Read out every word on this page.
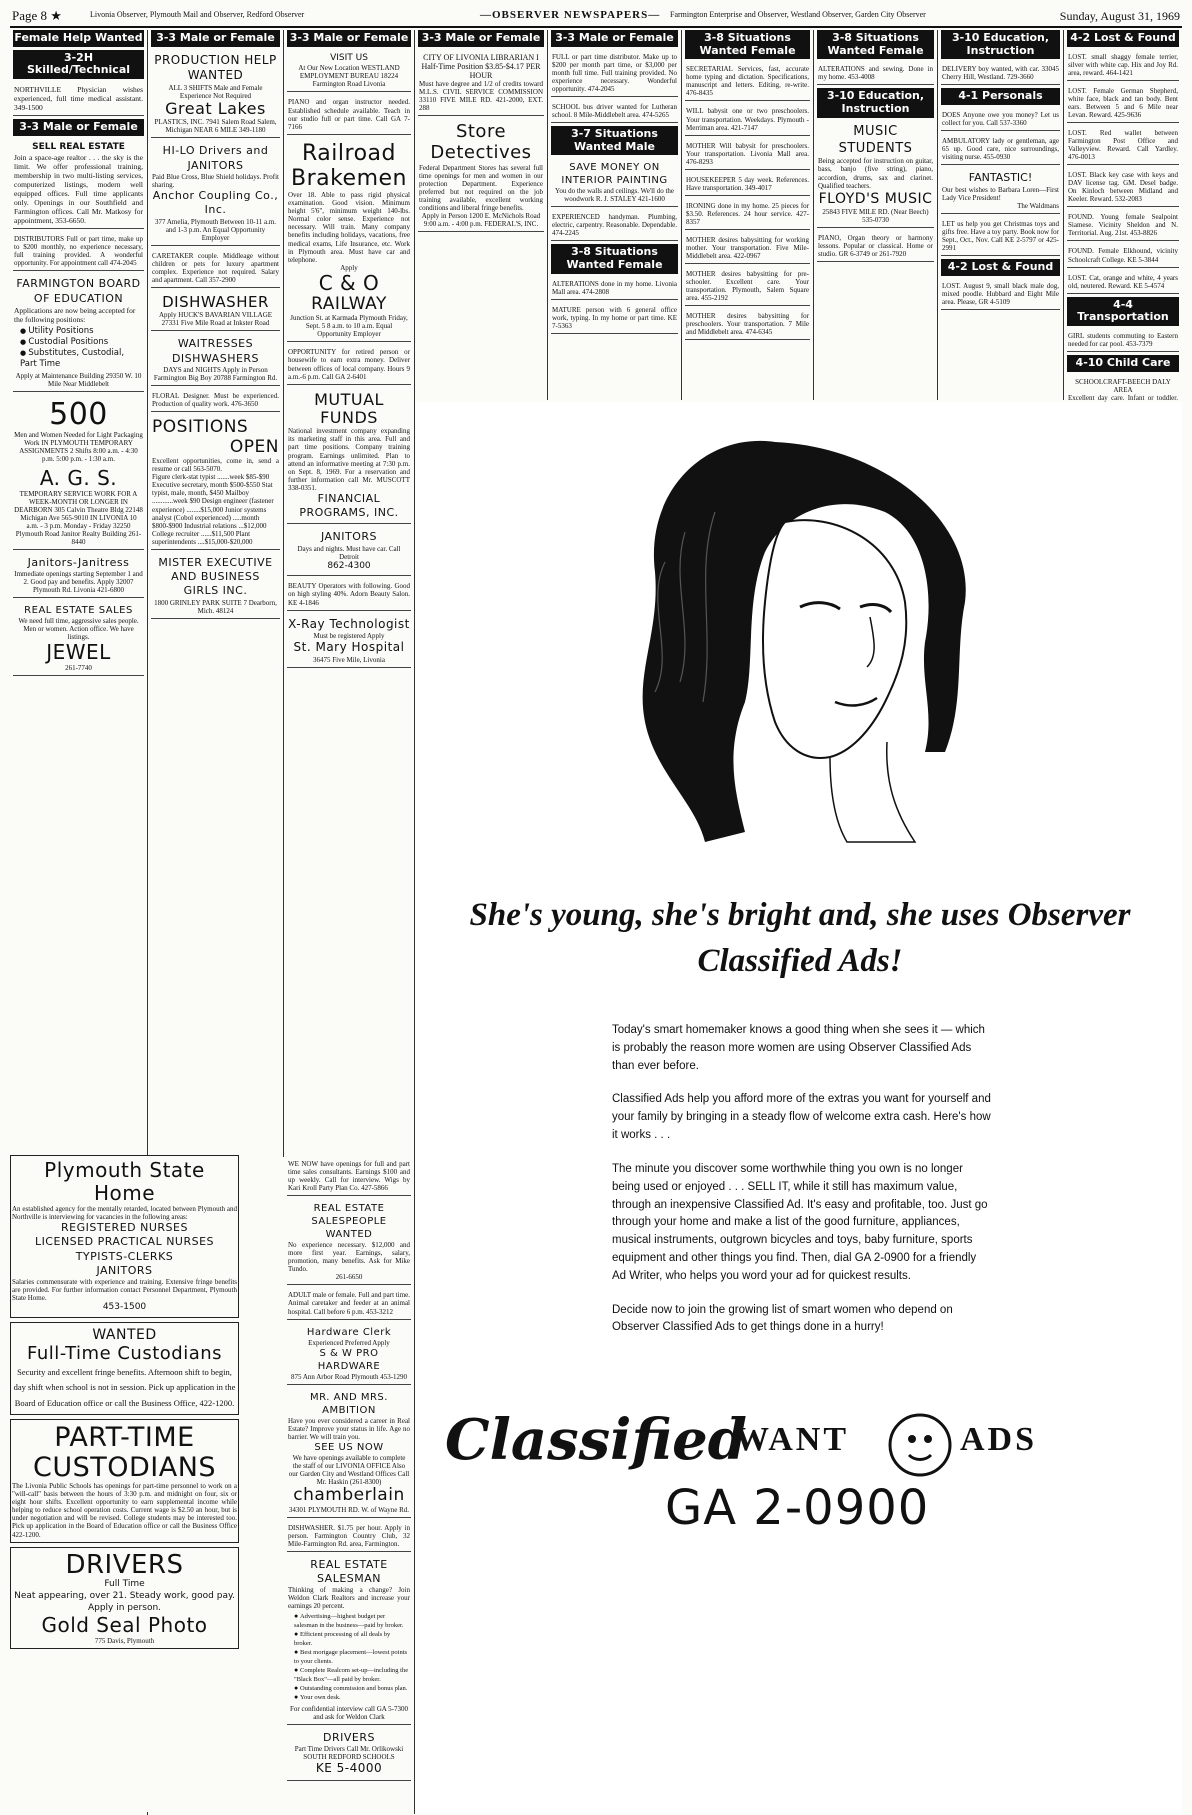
Page 8 ★	Livonia Observer, Plymouth Mail and Observer, Redford Observer	—OBSERVER NEWSPAPERS— Farmington Enterprise and Observer, Westland Observer, Garden City Observer	Sunday, August 31, 1969
Female Help Wanted
3-2H Skilled/Technical
NORTHVILLE Physician wishes experienced, full time medical assistant. 349-1500
3-3 Male or Female
SELL REAL ESTATE
Join a space-age realtor . . . the sky is the limit. We offer professional training, membership in two multi-listing services, computerized listings, modern well equipped offices. Full time applicants only. Openings in our Southfield and Farmington offices. Call Mr. Matkosy for appointment, 353-6650.
DISTRIBUTORS Full or part time, make up to $200 monthly, no experience necessary, full training provided. A wonderful opportunity. For appointment call 474-2045
FARMINGTON BOARD OF EDUCATION
Applications are now being accepted for the following positions:
● Utility Positions
● Custodial Positions
● Substitutes, Custodial, Part Time
Apply at Maintenance Building 29350 W. 10 Mile Near Middlebelt
500
Men and Women Needed for Light Packaging Work IN PLYMOUTH TEMPORARY ASSIGNMENTS 2 Shifts 8:00 a.m. - 4:30 p.m. 5:00 p.m. - 1:30 a.m.
A. G. S.
TEMPORARY SERVICE WORK FOR A WEEK-MONTH OR LONGER IN DEARBORN 305 Calvin Theatre Bldg 22148 Michigan Ave 565-9010 IN LIVONIA 10 a.m. - 3 p.m. Monday - Friday 32250 Plymouth Road Janitor Realty Building 261-8440
Janitors-Janitress
Immediate openings starting September 1 and 2. Good pay and benefits. Apply 32007 Plymouth Rd. Livonia 421-6800
REAL ESTATE SALES
We need full time, aggressive sales people. Men or women. Action office. We have listings.
JEWEL
261-7740
3-3 Male or Female
PRODUCTION HELP WANTED
ALL 3 SHIFTS Male and Female
Experience Not Required
Great Lakes
PLASTICS, INC. 7941 Salem Road Salem, Michigan NEAR 6 MILE 349-1180
HI-LO Drivers and JANITORS
Paid Blue Cross, Blue Shield holidays. Profit sharing.
Anchor Coupling Co., Inc.
377 Amelia, Plymouth Between 10-11 a.m. and 1-3 p.m. An Equal Opportunity Employer
CARETAKER couple. Middleage without children or pets for luxury apartment complex. Experience not required. Salary and apartment. Call 357-2900
DISHWASHER
Apply HUCK'S BAVARIAN VILLAGE 27331 Five Mile Road at Inkster Road
WAITRESSES DISHWASHERS
DAYS and NIGHTS Apply in Person Farmington Big Boy 20788 Farmington Rd.
FLORAL Designer. Must be experienced. Production of quality work. 476-3650
POSITIONS
OPEN
Excellent opportunities, come in, send a resume or call 563-5070.
Figure clerk-stat typist .......week $85-$90 Executive secretary, month $500-$550 Stat typist, male, month, $450 Mailboy ............week $90 Design engineer (fastener experience) ........$15,000 Junior systems analyst (Cobol experienced) .....month $800-$900 Industrial relations ...$12,000 College recruiter ......$11,500 Plant superintendents ....$15,000-$20,000
MISTER EXECUTIVE AND BUSINESS GIRLS INC.
1800 GRINLEY PARK SUITE 7 Dearborn, Mich. 48124
3-3 Male or Female
VISIT US
At Our New Location WESTLAND EMPLOYMENT BUREAU 18224 Farmington Road Livonia
PIANO and organ instructor needed. Established schedule available. Teach in our studio full or part time. Call GA 7-7166
Railroad Brakemen
Over 18. Able to pass rigid physical examination. Good vision. Minimum height 5'6", minimum weight 140-lbs. Normal color sense. Experience not necessary. Will train. Many company benefits including holidays, vacations, free medical exams, Life Insurance, etc. Work in Plymouth area. Must have car and telephone.
Apply
C & O
RAILWAY
Junction St. at Karmada Plymouth Friday, Sept. 5 8 a.m. to 10 a.m. Equal Opportunity Employer
OPPORTUNITY for retired person or housewife to earn extra money. Deliver between offices of local company. Hours 9 a.m.-6 p.m. Call GA 2-6401
MUTUAL FUNDS
National investment company expanding its marketing staff in this area. Full and part time positions. Company training program. Earnings unlimited. Plan to attend an informative meeting at 7:30 p.m. on Sept. 8, 1969. For a reservation and further information call Mr. MUSCOTT 338-0351.
FINANCIAL PROGRAMS, INC.
JANITORS
Days and nights. Must have car. Call Detroit
862-4300
BEAUTY Operators with following. Good on high styling 40%. Adorn Beauty Salon. KE 4-1846
X-Ray Technologist
Must be registered Apply
St. Mary Hospital
36475 Five Mile, Livonia
3-3 Male or Female
CITY OF LIVONIA LIBRARIAN I Half-Time Position $3.85-$4.17 PER HOUR
Must have degree and 1/2 of credits toward M.L.S. CIVIL SERVICE COMMISSION 33110 FIVE MILE RD. 421-2000, EXT. 288
Store Detectives
Federal Department Stores has several full time openings for men and women in our protection Department. Experience preferred but not required on the job training available, excellent working conditions and liberal fringe benefits.
Apply in Person 1200 E. McNichols Road 9:00 a.m. - 4:00 p.m. FEDERAL'S, INC.
3-3 Male or Female
FULL or part time distributor. Make up to $200 per month part time, or $3,000 per month full time. Full training provided. No experience necessary. Wonderful opportunity. 474-2045
SCHOOL bus driver wanted for Lutheran school. 8 Mile-Middlebelt area. 474-5265
3-7 Situations Wanted Male
SAVE MONEY ON INTERIOR PAINTING
You do the walls and ceilings. We'll do the woodwork R. J. STALEY 421-1600
EXPERIENCED handyman. Plumbing, electric, carpentry. Reasonable. Dependable. 474-2245
3-8 Situations Wanted Female
ALTERATIONS done in my home. Livonia Mall area. 474-2808
MATURE person with 6 general office work, typing. In my home or part time. KE 7-5363
3-8 Situations Wanted Female
SECRETARIAL Services, fast, accurate home typing and dictation. Specifications, manuscript and letters. Editing, re-write. 476-8435
WILL babysit one or two preschoolers. Your transportation. Weekdays. Plymouth - Merriman area. 421-7147
MOTHER Will babysit for preschoolers. Your transportation. Livonia Mall area. 476-8293
HOUSEKEEPER 5 day week. References. Have transportation. 349-4017
IRONING done in my home. 25 pieces for $3.50. References. 24 hour service. 427-8357
MOTHER desires babysitting for working mother. Your transportation. Five Mile-Middlebelt area. 422-0967
MOTHER desires babysitting for pre-schooler. Excellent care. Your transportation. Plymouth, Salem Square area. 455-2192
MOTHER desires babysitting for preschoolers. Your transportation. 7 Mile and Middlebelt area. 474-6345
3-8 Situations Wanted Female
ALTERATIONS and sewing. Done in my home. 453-4008
3-10 Education, Instruction
MUSIC STUDENTS
Being accepted for instruction on guitar, bass, banjo (five string), piano, accordion, drums, sax and clarinet. Qualified teachers.
FLOYD'S MUSIC
25843 FIVE MILE RD. (Near Beech) 535-0730
PIANO, Organ theory or harmony lessons. Popular or classical. Home or studio. GR 6-3749 or 261-7920
3-10 Education, Instruction
DELIVERY boy wanted, with car. 33045 Cherry Hill, Westland. 729-3660
4-1 Personals
DOES Anyone owe you money? Let us collect for you. Call 537-3360
AMBULATORY lady or gentleman, age 65 up. Good care, nice surroundings, visiting nurse. 455-0930
FANTASTIC!
Our best wishes to Barbara Loren—First Lady Vice President!
The Waldmans
LET us help you get Christmas toys and gifts free. Have a toy party. Book now for Sept., Oct., Nov. Call KE 2-5797 or 425-2991
4-2 Lost & Found
LOST. August 9, small black male dog, mixed poodle. Hubbard and Eight Mile area. Please, GR 4-5109
4-2 Lost & Found
LOST. small shaggy female terrier, silver with white cap. Hix and Joy Rd. area, reward. 464-1421
LOST. Female German Shepherd, white face, black and tan body. Bent ears. Between 5 and 6 Mile near Levan. Reward. 425-9636
LOST. Red wallet between Farmington Post Office and Valleyview. Reward. Call Yardley. 476-0013
LOST. Black key case with keys and DAV license tag. GM. Desel badge. On Kinloch between Midland and Keeler. Reward. 532-2083
FOUND. Young female Sealpoint Siamese. Vicinity Sheldon and N. Territorial. Aug. 21st. 453-8826
FOUND. Female Elkhound, vicinity Schoolcraft College. KE 5-3844
LOST. Cat, orange and white, 4 years old, neutered. Reward. KE 5-4574
4-4 Transportation
GIRL students commuting to Eastern needed for car pool. 453-7379
4-10 Child Care
SCHOOLCRAFT-BEECH DALY AREA
Excellent day care. Infant or toddler.
Plymouth State Home
An established agency for the mentally retarded, located between Plymouth and Northville is interviewing for vacancies in the following areas:
REGISTERED NURSES
LICENSED PRACTICAL NURSES
TYPISTS-CLERKS
JANITORS
Salaries commensurate with experience and training. Extensive fringe benefits are provided. For further information contact Personnel Department, Plymouth State Home.
453-1500
WANTED
Full-Time Custodians
Security and excellent fringe benefits. Afternoon shift to begin, day shift when school is not in session. Pick up application in the Board of Education office or call the Business Office, 422-1200.
PART-TIME CUSTODIANS
The Livonia Public Schools has openings for part-time personnel to work on a "will-call" basis between the hours of 3:30 p.m. and midnight on four, six or eight hour shifts. Excellent opportunity to earn supplemental income while helping to reduce school operation costs. Current wage is $2.50 an hour, but is under negotiation and will be revised. College students may be interested too. Pick up application in the Board of Education office or call the Business Office 422-1200.
DRIVERS
Full Time
Neat appearing, over 21. Steady work, good pay. Apply in person.
Gold Seal Photo
775 Davis, Plymouth
WE NOW have openings for full and part time sales consultants. Earnings $100 and up weekly. Call for interview. Wigs by Kari Kroll Party Plan Co. 427-5866
REAL ESTATE SALESPEOPLE WANTED
No experience necessary. $12,000 and more first year. Earnings, salary, promotion, many benefits. Ask for Mike Tundo.
261-6650
ADULT male or female. Full and part time. Animal caretaker and feeder at an animal hospital. Call before 6 p.m. 453-3212
Hardware Clerk
Experienced Preferred Apply
S & W PRO HARDWARE
875 Ann Arbor Road Plymouth 453-1290
MR. AND MRS. AMBITION
Have you ever considered a career in Real Estate? Improve your status in life. Age no barrier. We will train you.
SEE US NOW
We have openings available to complete the staff of our LIVONIA OFFICE Also our Garden City and Westland Offices Call Mr. Haskin (261-8300)
chamberlain
34301 PLYMOUTH RD. W. of Wayne Rd.
DISHWASHER. $1.75 per hour. Apply in person. Farmington Country Club, 32 Mile-Farmington Rd. area, Farmington.
REAL ESTATE SALESMAN
Thinking of making a change? Join Weldon Clark Realtors and increase your earnings 20 percent.
● Advertising—highest budget per salesman in the business—paid by broker.
● Efficient processing of all deals by broker.
● Best mortgage placement—lowest points to your clients.
● Complete Realcom set-up—including the "Black Box"—all paid by broker.
● Outstanding commission and bonus plan.
● Your own desk.
For confidential interview call GA 5-7300 and ask for Weldon Clark
DRIVERS
Part Time Drivers Call Mr. Orlikowski SOUTH REDFORD SCHOOLS
KE 5-4000
She's young, she's bright and, she uses Observer Classified Ads!

Today's smart homemaker knows a good thing when she sees it — which is probably the reason more women are using Observer Classified Ads than ever before.

Classified Ads help you afford more of the extras you want for yourself and your family by bringing in a steady flow of welcome extra cash. Here's how it works . . .

The minute you discover some worthwhile thing you own is no longer being used or enjoyed . . . SELL IT, while it still has maximum value, through an inexpensive Classified Ad. It's easy and profitable, too. Just go through your home and make a list of the good furniture, appliances, musical instruments, outgrown bicycles and toys, baby furniture, sports equipment and other things you find. Then, dial GA 2-0900 for a friendly Ad Writer, who helps you word your ad for quickest results.

Decide now to join the growing list of smart women who depend on Observer Classified Ads to get things done in a hurry!

Classified
WANT	ADS
GA 2-0900
